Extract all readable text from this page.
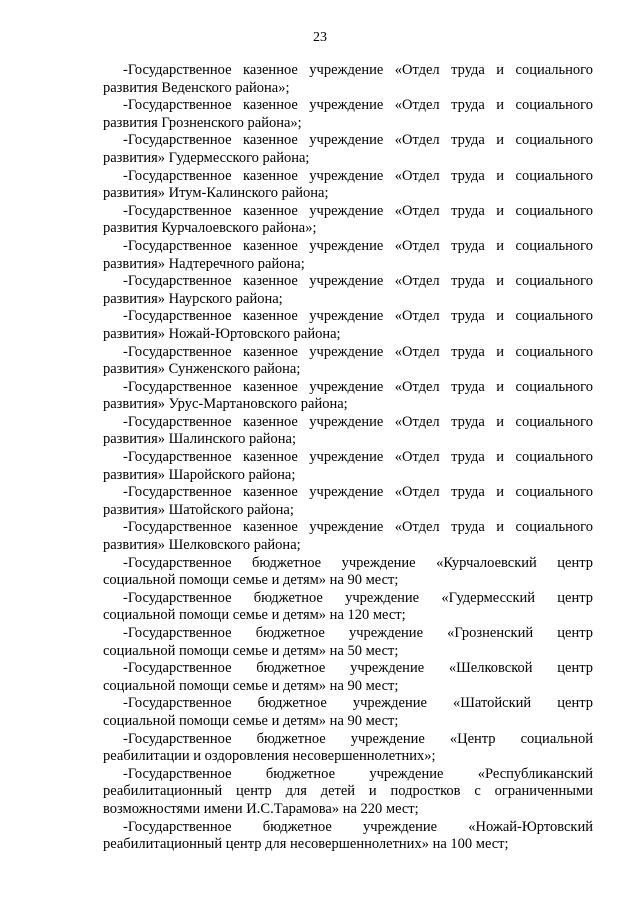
23
-Государственное казенное учреждение «Отдел труда и социального
развития Веденского района»;
-Государственное казенное учреждение «Отдел труда и социального
развития Грозненского района»;
-Государственное казенное учреждение «Отдел труда и социального
развития» Гудермесского района;
-Государственное казенное учреждение «Отдел труда и социального
развития» Итум-Калинского района;
-Государственное казенное учреждение «Отдел труда и социального
развития Курчалоевского района»;
-Государственное казенное учреждение «Отдел труда и социального
развития» Надтеречного района;
-Государственное казенное учреждение «Отдел труда и социального
развития» Наурского района;
-Государственное казенное учреждение «Отдел труда и социального
развития» Ножай-Юртовского района;
-Государственное казенное учреждение «Отдел труда и социального
развития» Сунженского района;
-Государственное казенное учреждение «Отдел труда и социального
развития» Урус-Мартановского района;
-Государственное казенное учреждение «Отдел труда и социального
развития» Шалинского района;
-Государственное казенное учреждение «Отдел труда и социального
развития» Шаройского района;
-Государственное казенное учреждение «Отдел труда и социального
развития» Шатойского района;
-Государственное казенное учреждение «Отдел труда и социального
развития» Шелковского района;
-Государственное бюджетное учреждение «Курчалоевский центр
социальной помощи семье и детям» на 90 мест;
-Государственное бюджетное учреждение «Гудермесский центр
социальной помощи семье и детям» на 120 мест;
-Государственное бюджетное учреждение «Грозненский центр
социальной помощи семье и детям» на 50 мест;
-Государственное бюджетное учреждение «Шелковской центр
социальной помощи семье и детям» на 90 мест;
-Государственное бюджетное учреждение «Шатойский центр
социальной помощи семье и детям» на 90 мест;
-Государственное бюджетное учреждение «Центр социальной
реабилитации и оздоровления несовершеннолетних»;
-Государственное бюджетное учреждение «Республиканский
реабилитационный центр для детей и подростков с ограниченными
возможностями имени И.С.Тарамова» на 220 мест;
-Государственное бюджетное учреждение «Ножай-Юртовский
реабилитационный центр для несовершеннолетних» на 100 мест;
